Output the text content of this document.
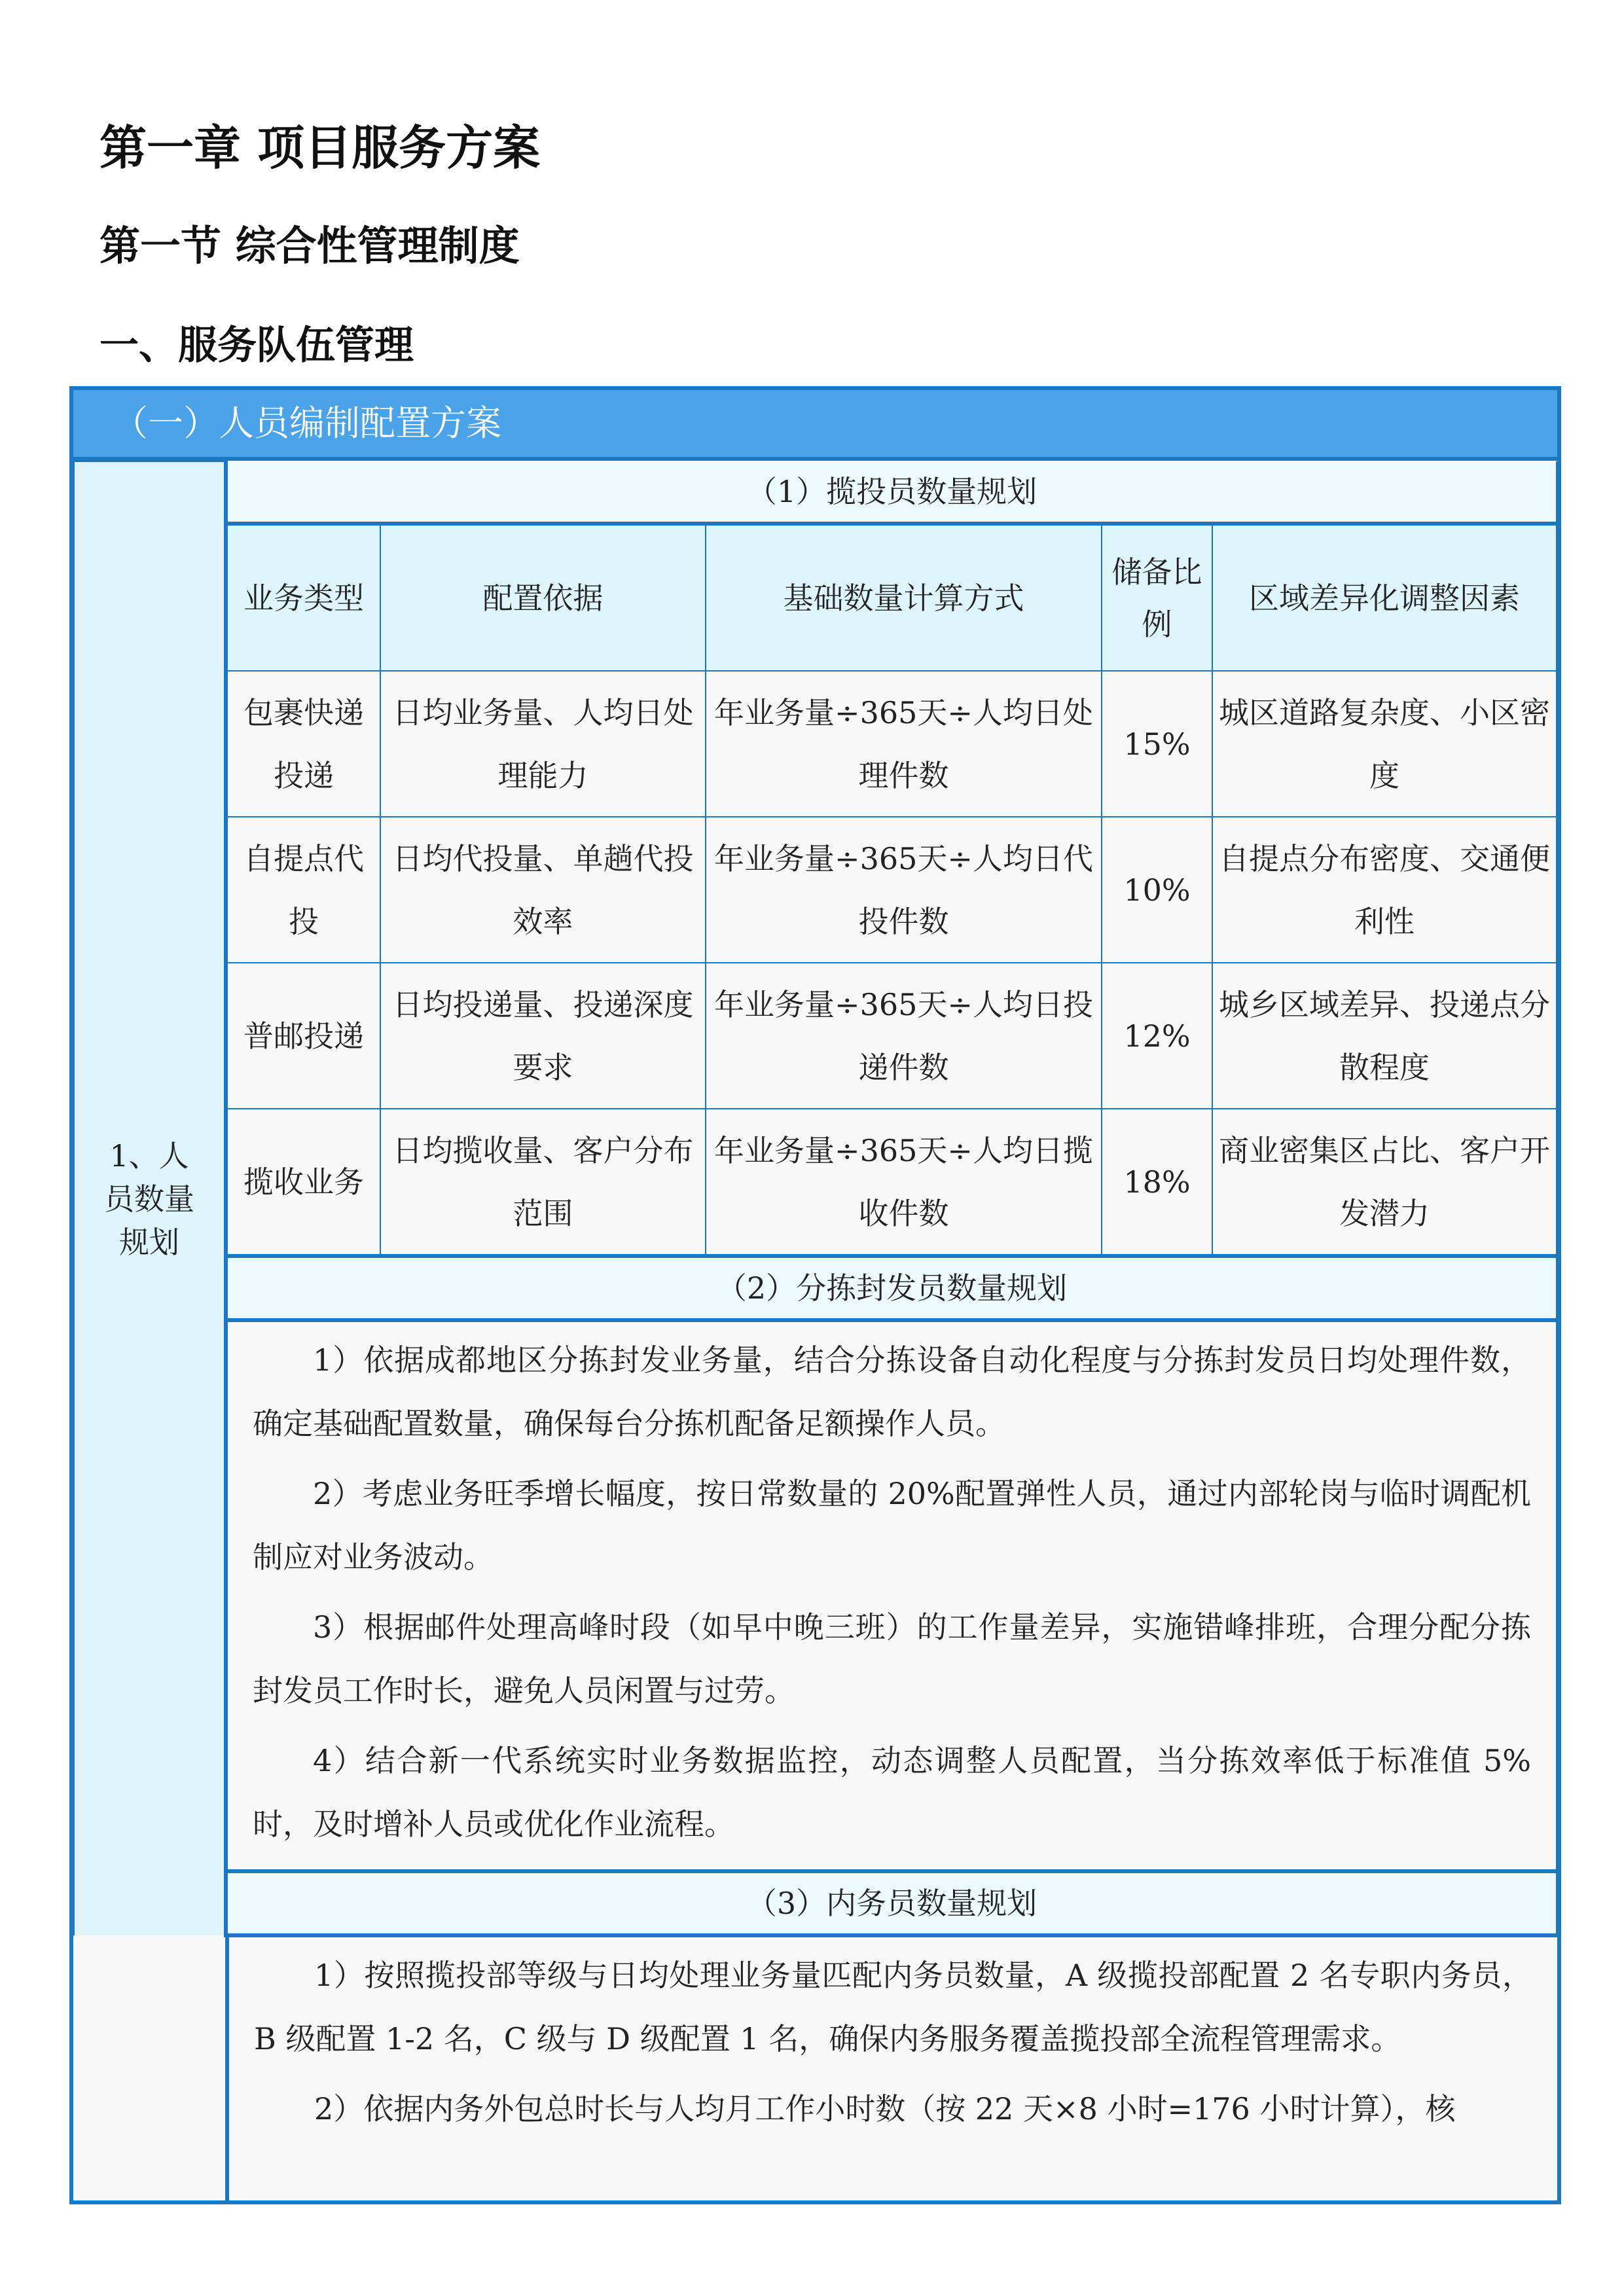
第一章 项目服务方案
第一节 综合性管理制度
一、服务队伍管理
（一）人员编制配置方案
1、人员数量规划	（1）揽投员数量规划				
	业务类型	配置依据	基础数量计算方式	储备比例	区域差异化调整因素
	包裹快递投递	日均业务量、人均日处理能力	年业务量÷365天÷人均日处理件数	15%	城区道路复杂度、小区密度
	自提点代投	日均代投量、单趟代投效率	年业务量÷365天÷人均日代投件数	10%	自提点分布密度、交通便利性
	普邮投递	日均投递量、投递深度要求	年业务量÷365天÷人均日投递件数	12%	城乡区域差异、投递点分散程度
	揽收业务	日均揽收量、客户分布范围	年业务量÷365天÷人均日揽收件数	18%	商业密集区占比、客户开发潜力
	（2）分拣封发员数量规划				

	1）依据成都地区分拣封发业务量，结合分拣设备自动化程度与分拣封发员日均处理件数，确定基础配置数量，确保每台分拣机配备足额操作人员。

2）考虑业务旺季增长幅度，按日常数量的 20%配置弹性人员，通过内部轮岗与临时调配机制应对业务波动。

3）根据邮件处理高峰时段（如早中晚三班）的工作量差异，实施错峰排班，合理分配分拣封发员工作时长，避免人员闲置与过劳。

4）结合新一代系统实时业务数据监控，动态调整人员配置，当分拣效率低于标准值 5%时，及时增补人员或优化作业流程。				

	（3）内务员数量规划				

1）按照揽投部等级与日均处理业务量匹配内务员数量，A 级揽投部配置 2 名专职内务员，B 级配置 1-2 名，C 级与 D 级配置 1 名，确保内务服务覆盖揽投部全流程管理需求。

2）依据内务外包总时长与人均月工作小时数（按 22 天×8 小时=176 小时计算），核
